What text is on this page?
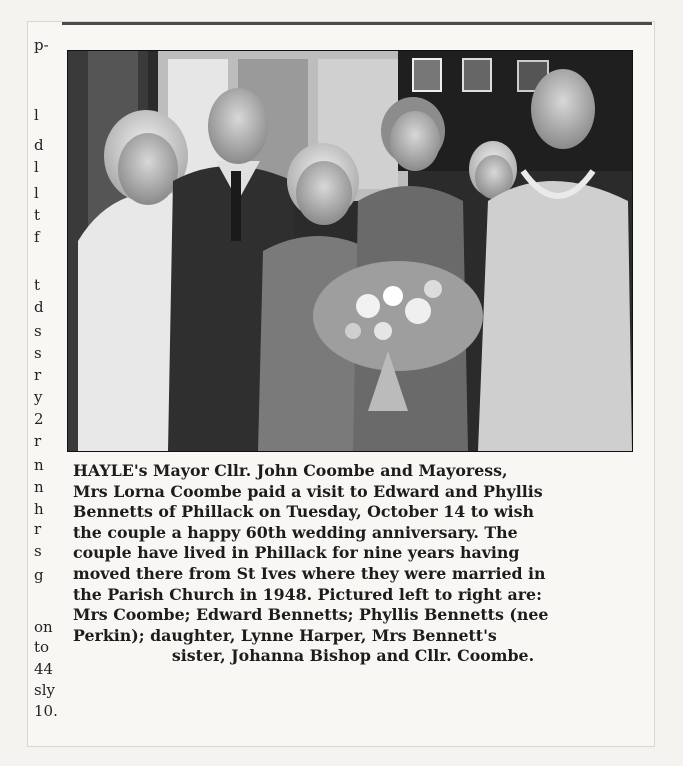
p-
l
d
l
l
t
f
t
d
s
s
r
y
2
r
n
n
h
r
s
g
on
to
44
sly
10.
HAYLE's Mayor Cllr. John Coombe and Mayoress,
Mrs Lorna Coombe paid a visit to Edward and Phyllis
Bennetts of Phillack on Tuesday, October 14 to wish
the couple a happy 60th wedding anniversary. The
couple have lived in Phillack for nine years having
moved there from St Ives where they were married in
the Parish Church in 1948. Pictured left to right are:
Mrs Coombe; Edward Bennetts; Phyllis Bennetts (nee
Perkin); daughter, Lynne Harper, Mrs Bennett's
sister, Johanna Bishop and Cllr. Coombe.
